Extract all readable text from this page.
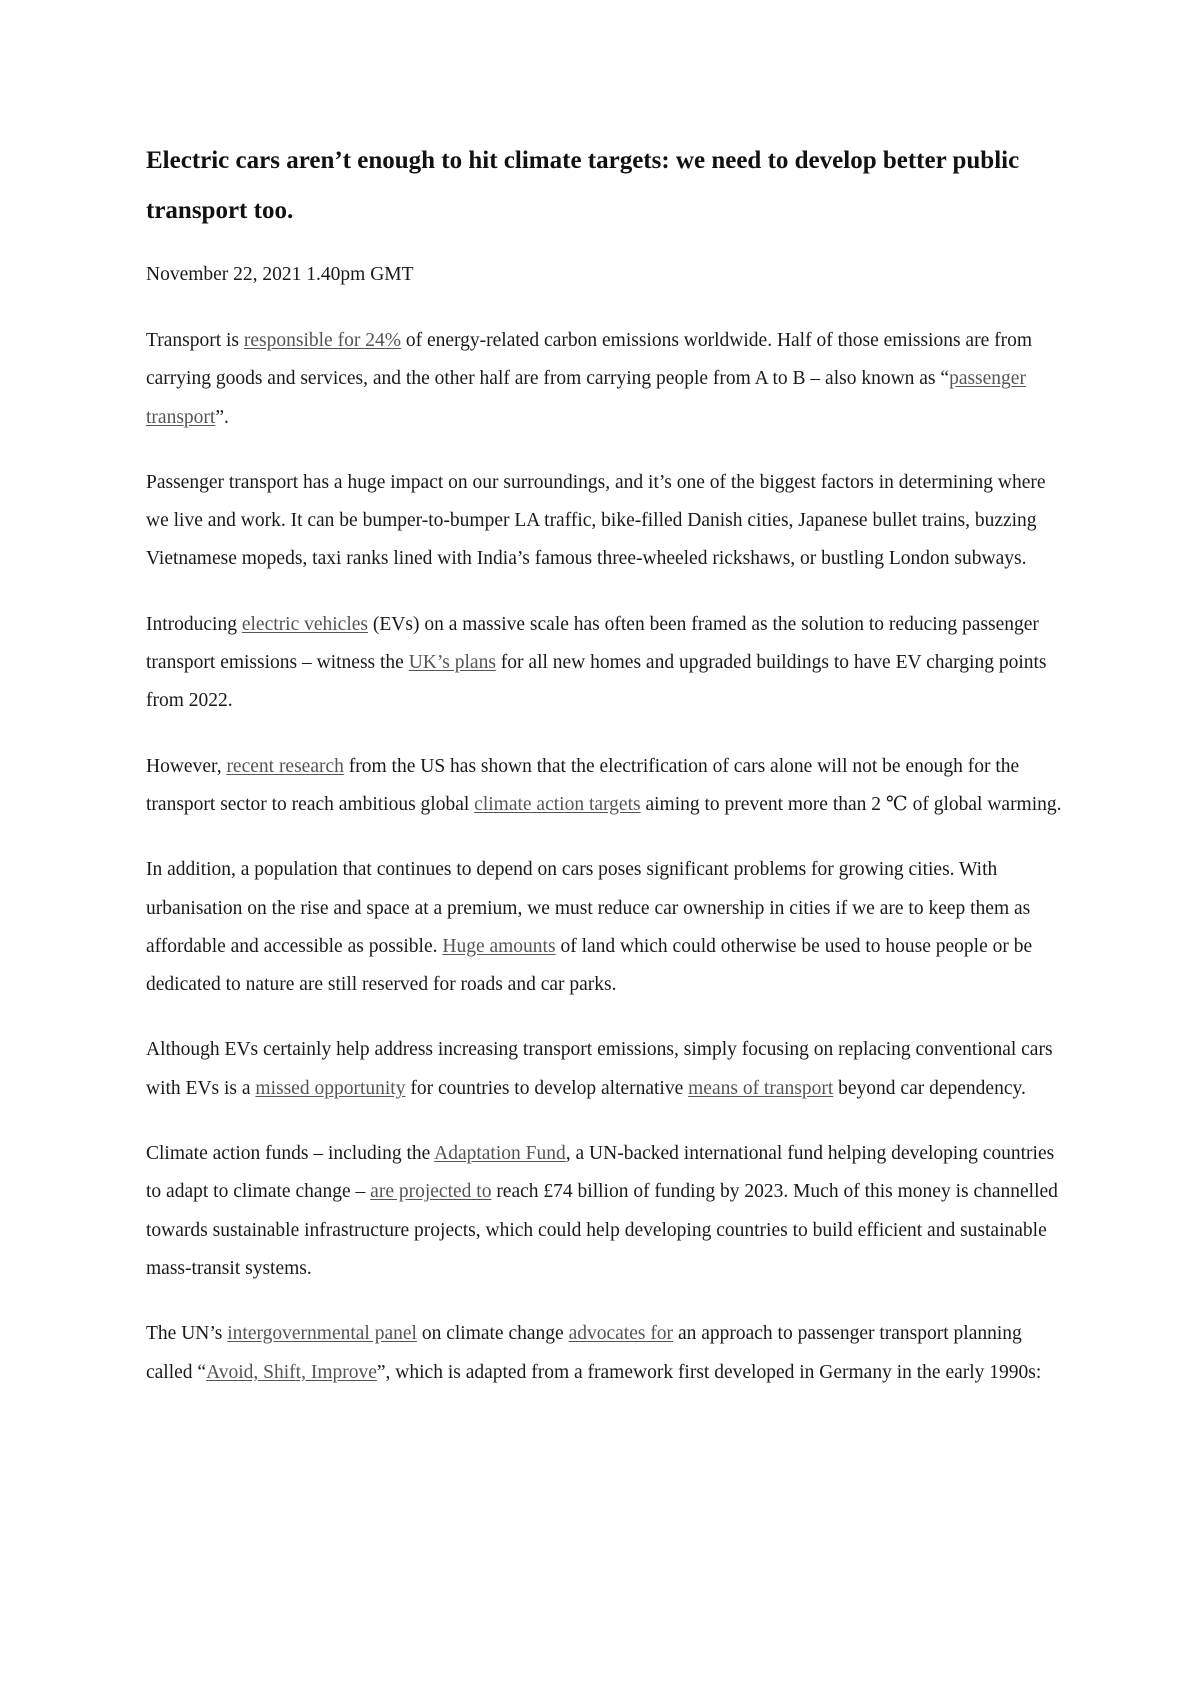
Electric cars aren’t enough to hit climate targets: we need to develop better public transport too.
November 22, 2021 1.40pm GMT

Transport is responsible for 24% of energy-related carbon emissions worldwide. Half of those emissions are from carrying goods and services, and the other half are from carrying people from A to B – also known as “passenger transport”.

Passenger transport has a huge impact on our surroundings, and it’s one of the biggest factors in determining where we live and work. It can be bumper-to-bumper LA traffic, bike-filled Danish cities, Japanese bullet trains, buzzing Vietnamese mopeds, taxi ranks lined with India’s famous three-wheeled rickshaws, or bustling London subways.

Introducing electric vehicles (EVs) on a massive scale has often been framed as the solution to reducing passenger transport emissions – witness the UK’s plans for all new homes and upgraded buildings to have EV charging points from 2022.

However, recent research from the US has shown that the electrification of cars alone will not be enough for the transport sector to reach ambitious global climate action targets aiming to prevent more than 2 ℃ of global warming.

In addition, a population that continues to depend on cars poses significant problems for growing cities. With urbanisation on the rise and space at a premium, we must reduce car ownership in cities if we are to keep them as affordable and accessible as possible. Huge amounts of land which could otherwise be used to house people or be dedicated to nature are still reserved for roads and car parks.

Although EVs certainly help address increasing transport emissions, simply focusing on replacing conventional cars with EVs is a missed opportunity for countries to develop alternative means of transport beyond car dependency.

Climate action funds – including the Adaptation Fund, a UN-backed international fund helping developing countries to adapt to climate change – are projected to reach £74 billion of funding by 2023. Much of this money is channelled towards sustainable infrastructure projects, which could help developing countries to build efficient and sustainable mass-transit systems.

The UN’s intergovernmental panel on climate change advocates for an approach to passenger transport planning called “Avoid, Shift, Improve”, which is adapted from a framework first developed in Germany in the early 1990s:
